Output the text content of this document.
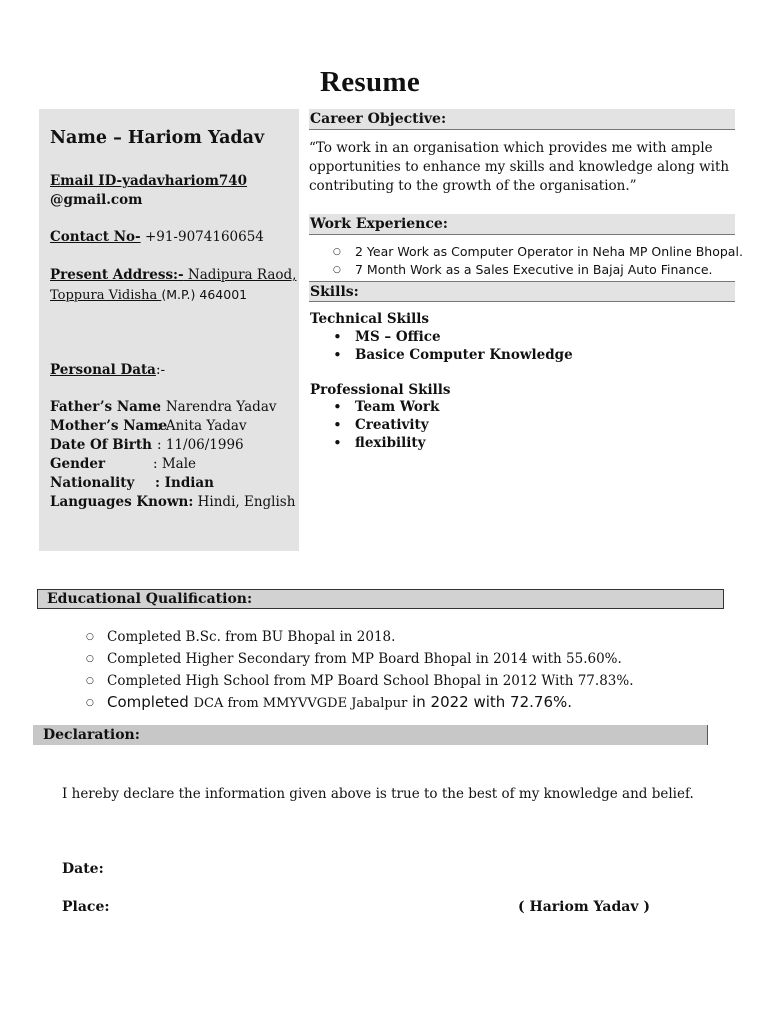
Resume
Name – Hariom Yadav
Email ID-yadavhariom740
@gmail.com
Contact No- +91-9074160654
Present Address:- Nadipura Raod,
Toppura Vidisha (M.P.) 464001
Personal Data:-
Father’s Name: Narendra Yadav
Mother’s Name: Anita Yadav
Date Of Birth : 11/06/1996
Gender	: Male
Nationality : Indian
Languages Known: Hindi, English
Career Objective:
“To work in an organisation which provides me with ample
opportunities to enhance my skills and knowledge along with
contributing to the growth of the organisation.”
Work Experience:
○ 2 Year Work as Computer Operator in Neha MP Online Bhopal.
○ 7 Month Work as a Sales Executive in Bajaj Auto Finance.
Skills:
Technical Skills
• MS – Office
• Basice Computer Knowledge
Professional Skills
• Team Work
• Creativity
• flexibility
Educational Qualification:
○ Completed B.Sc. from BU Bhopal in 2018.
○ Completed Higher Secondary from MP Board Bhopal in 2014 with 55.60%.
○ Completed High School from MP Board School Bhopal in 2012 With 77.83%.
○ Completed DCA from MMYVVGDE Jabalpur in 2022 with 72.76%.
Declaration:
I hereby declare the information given above is true to the best of my knowledge and belief.
Date:
Place:	( Hariom Yadav )
